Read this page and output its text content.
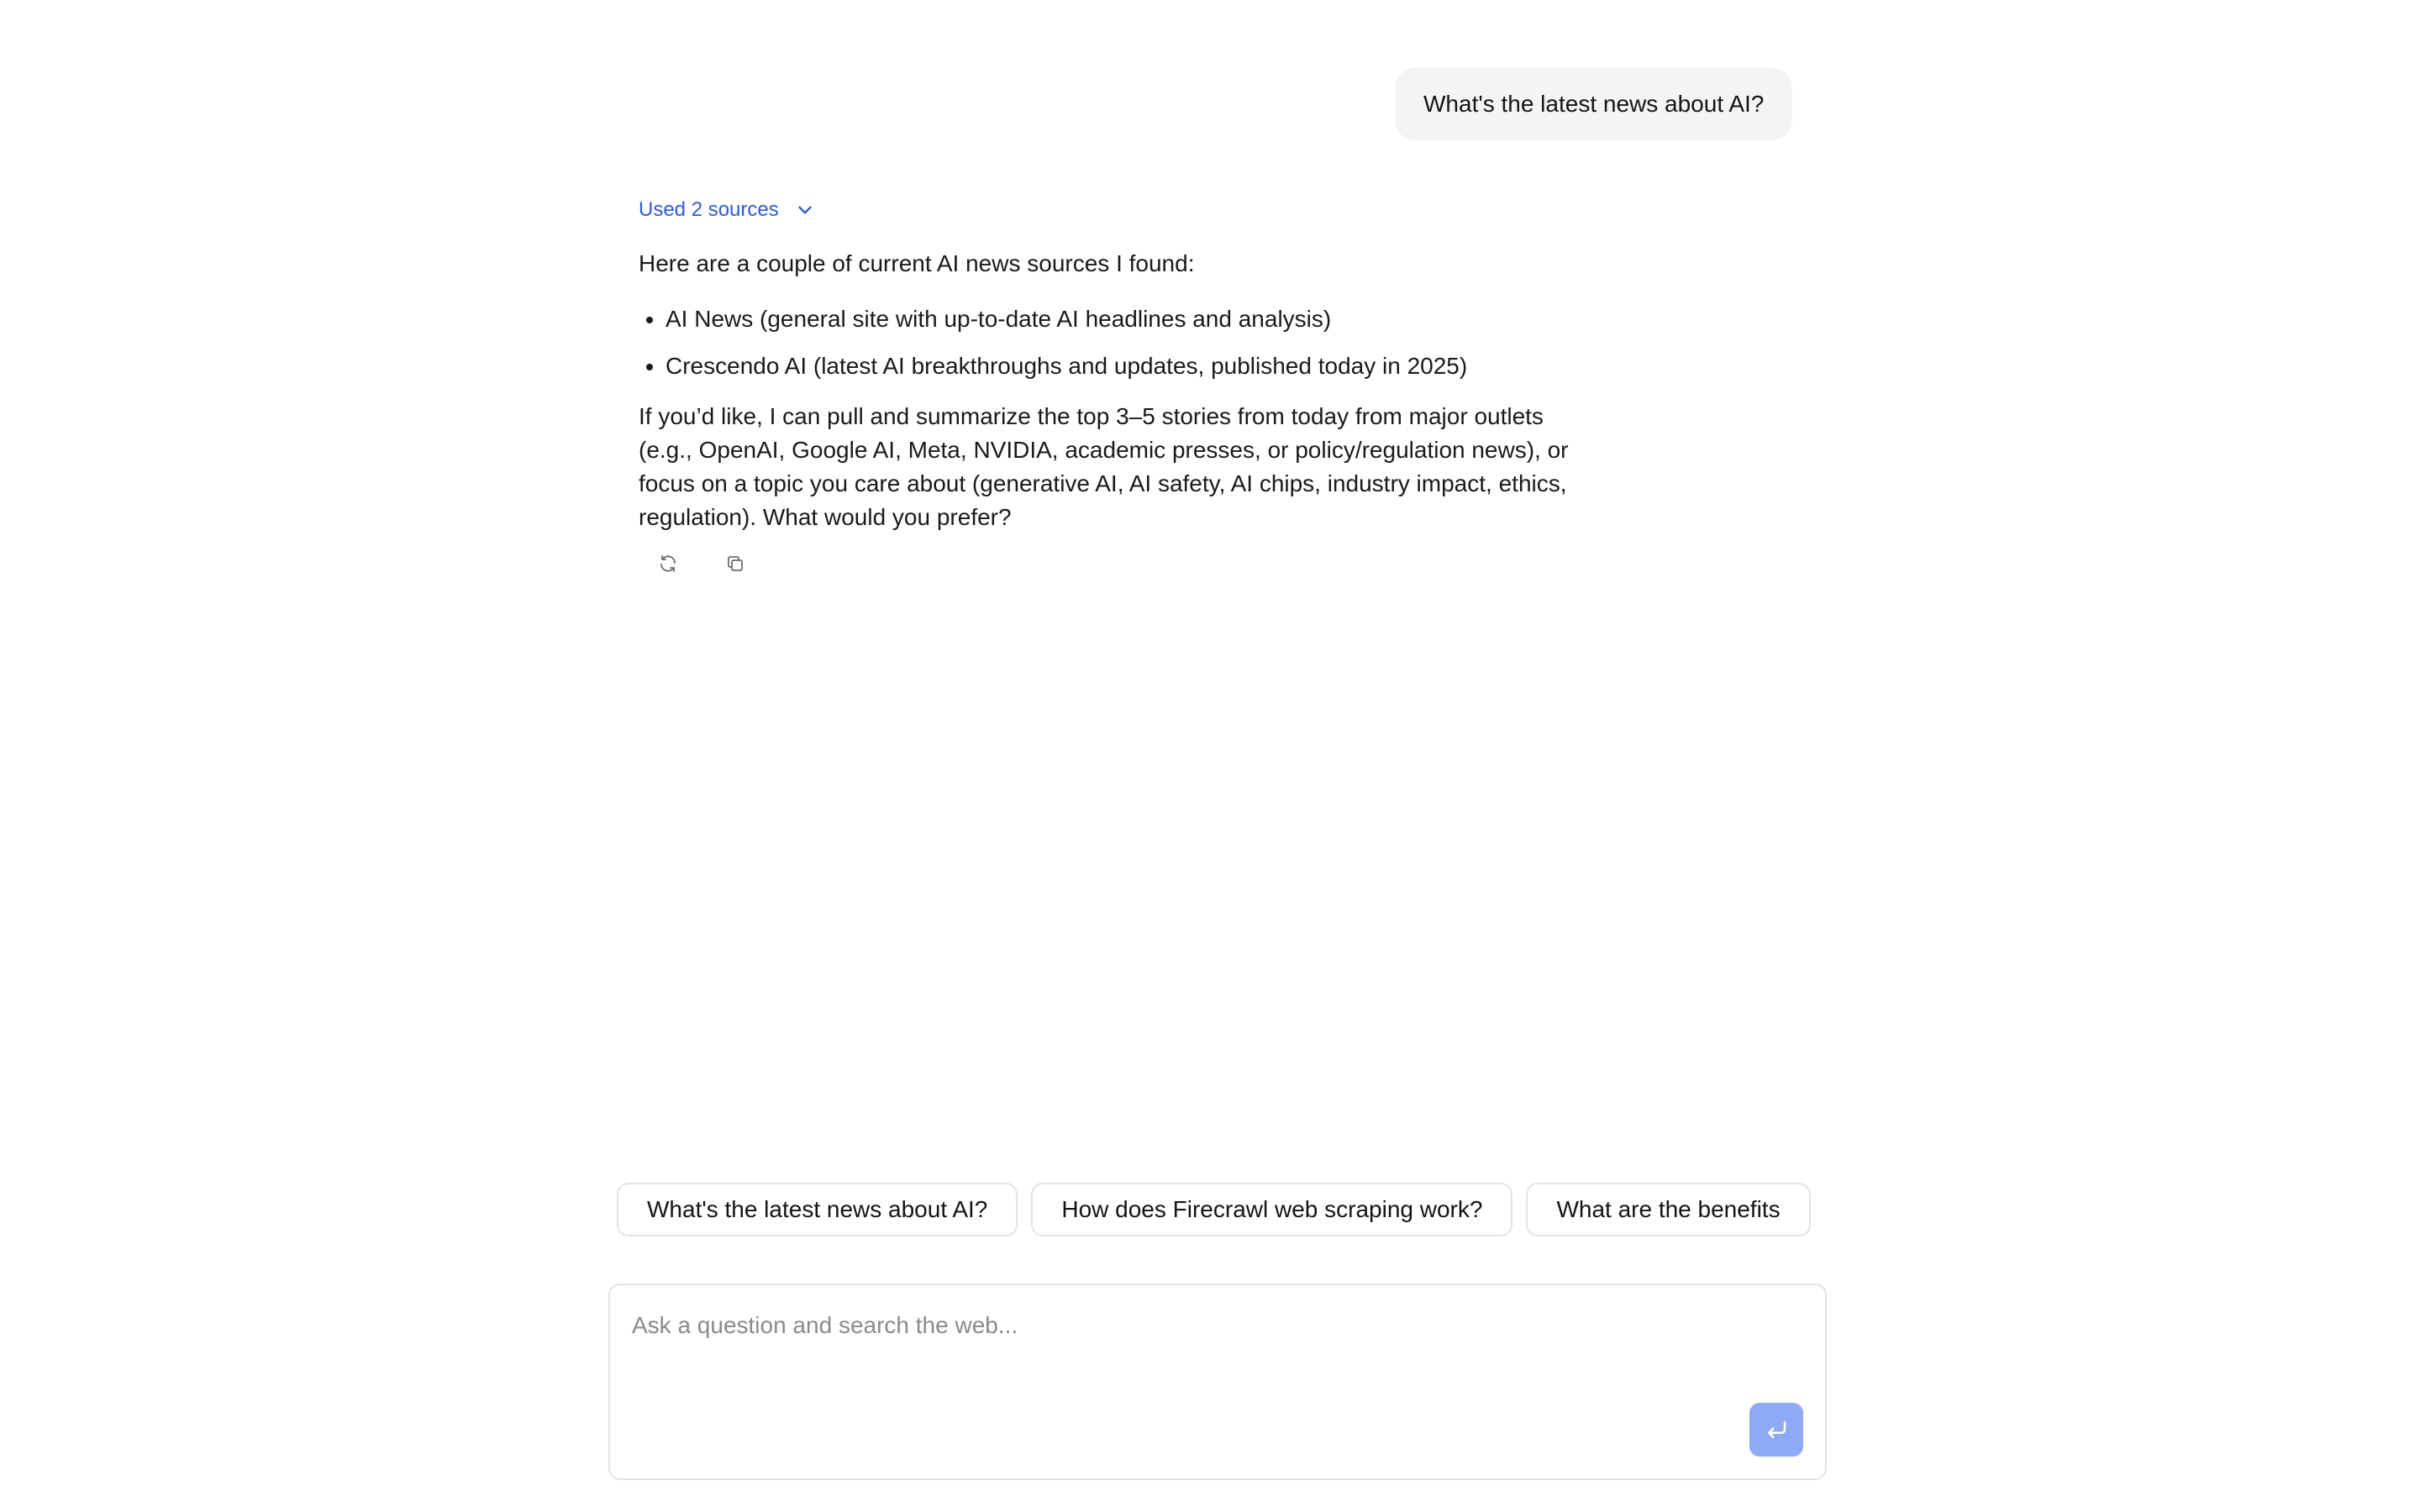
What's the latest news about AI?
Used 2 sources
Here are a couple of current AI news sources I found:
• AI News (general site with up-to-date AI headlines and analysis)
• Crescendo AI (latest AI breakthroughs and updates, published today in 2025)
If you’d like, I can pull and summarize the top 3–5 stories from today from major outlets (e.g., OpenAI, Google AI, Meta, NVIDIA, academic presses, or policy/regulation news), or focus on a topic you care about (generative AI, AI safety, AI chips, industry impact, ethics, regulation). What would you prefer?
What's the latest news about AI?	How does Firecrawl web scraping work?	What are the benefits
Ask a question and search the web...
